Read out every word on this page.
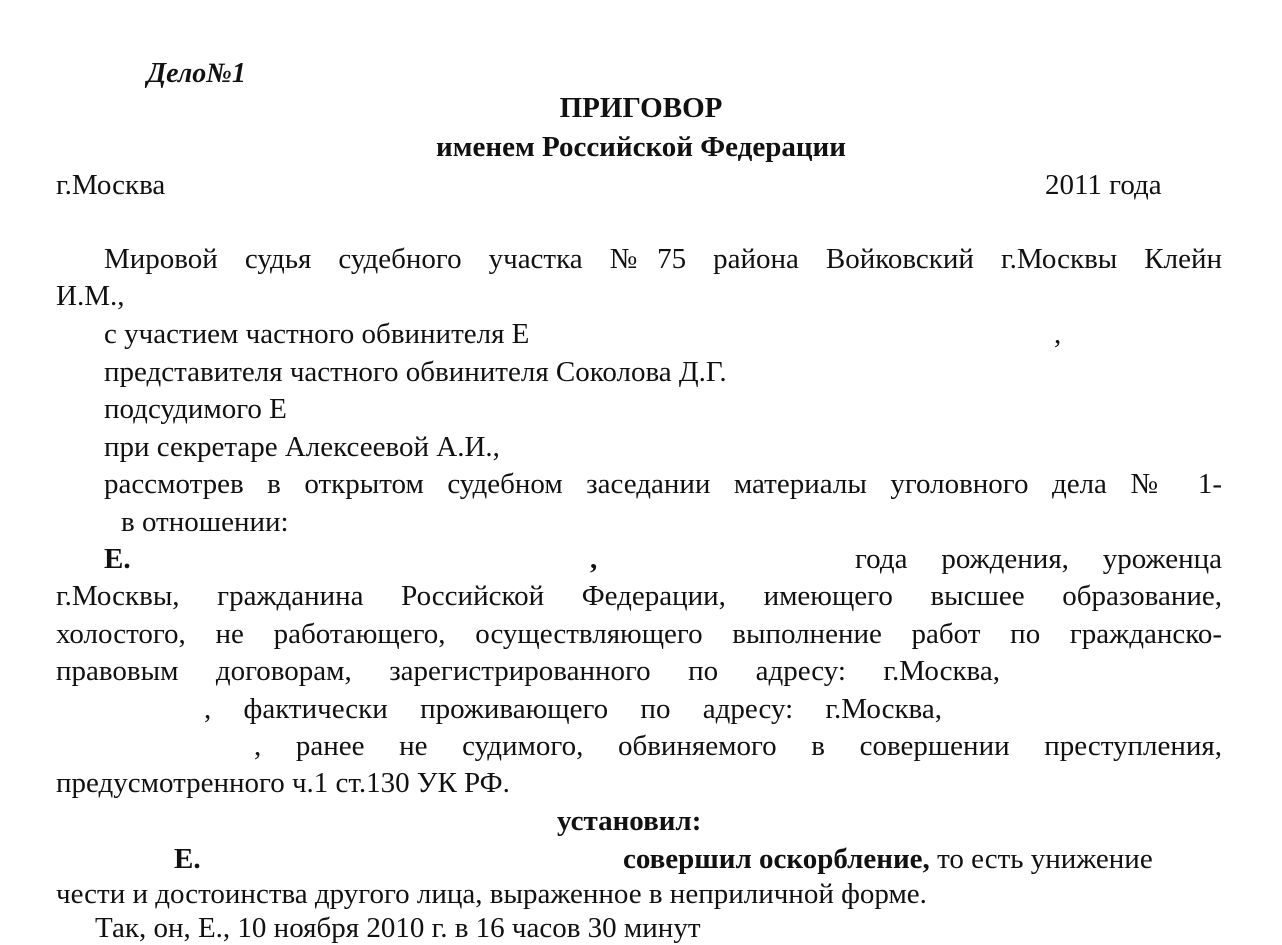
Дело№1
ПРИГОВОР
именем Российской Федерации
г.Москва	2011 года
Мировой судья судебного участка №75 района Войковский г.Москвы Клейн
И.М.,
с участием частного обвинителя Е	,
представителя частного обвинителя Соколова Д.Г.
подсудимого Е
при секретаре Алексеевой А.И.,
рассмотрев в открытом судебном заседании материалы уголовного дела № 1-
в отношении:
Е.	,	года рождения, уроженца
г.Москвы, гражданина Российской Федерации, имеющего высшее образование,
холостого, не работающего, осуществляющего выполнение работ по гражданско-
правовым договорам, зарегистрированного по адресу: г.Москва,
, фактически проживающего по адресу: г.Москва,
, ранее не судимого, обвиняемого в совершении преступления,
предусмотренного ч.1 ст.130 УК РФ.
установил:
Е.	совершил оскорбление, то есть унижение
чести и достоинства другого лица, выраженное в неприличной форме.
Так, он, Е., 10 ноября 2010 г. в 16 часов 30 минут
